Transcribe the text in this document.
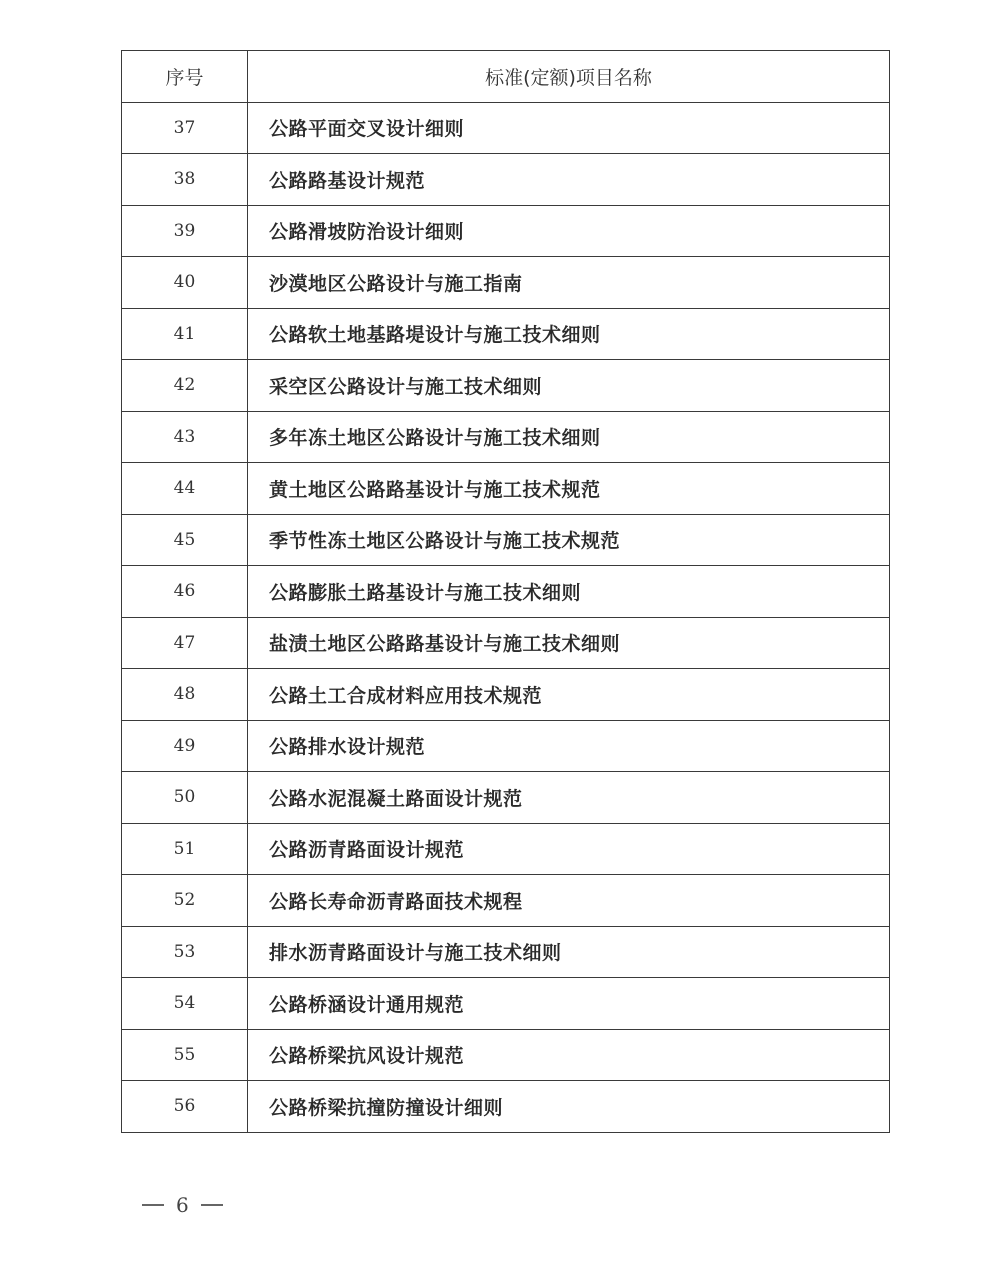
序号	标准(定额)项目名称
37	公路平面交叉设计细则
38	公路路基设计规范
39	公路滑坡防治设计细则
40	沙漠地区公路设计与施工指南
41	公路软土地基路堤设计与施工技术细则
42	采空区公路设计与施工技术细则
43	多年冻土地区公路设计与施工技术细则
44	黄土地区公路路基设计与施工技术规范
45	季节性冻土地区公路设计与施工技术规范
46	公路膨胀土路基设计与施工技术细则
47	盐渍土地区公路路基设计与施工技术细则
48	公路土工合成材料应用技术规范
49	公路排水设计规范
50	公路水泥混凝土路面设计规范
51	公路沥青路面设计规范
52	公路长寿命沥青路面技术规程
53	排水沥青路面设计与施工技术细则
54	公路桥涵设计通用规范
55	公路桥梁抗风设计规范
56	公路桥梁抗撞防撞设计细则
6
